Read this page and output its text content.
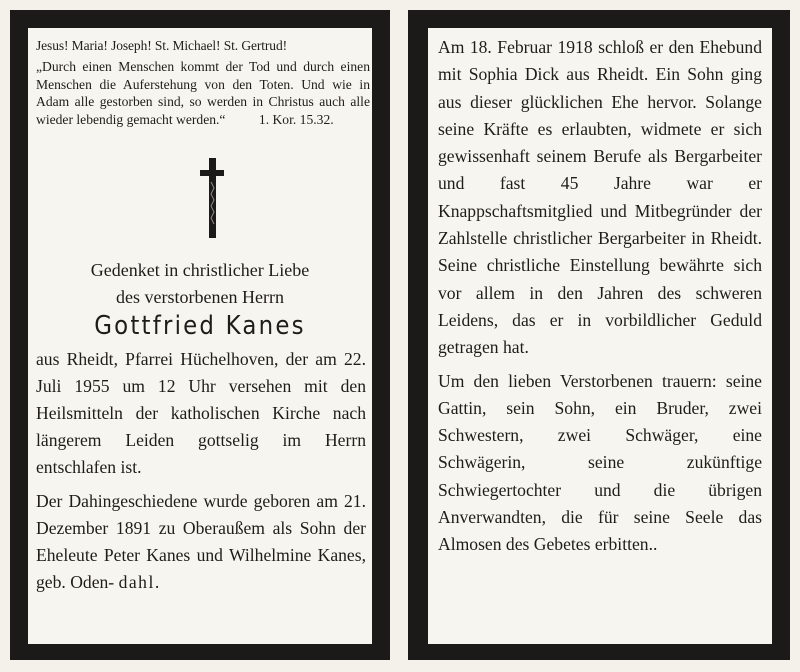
Jesus! Maria! Joseph! St. Michael! St. Gertrud!
„Durch einen Menschen kommt der Tod und durch einen Menschen die Auferstehung von den Toten. Und wie in Adam alle gestorben sind, so werden in Christus auch alle wieder lebendig gemacht werden.“ 1. Kor. 15.32.
Gedenket in christlicher Liebe
des verstorbenen Herrn
Gottfried Kanes

aus Rheidt, Pfarrei Hüchelhoven, der am 22. Juli 1955 um 12 Uhr versehen mit den Heilsmitteln der katholischen Kirche nach längerem Leiden gottselig im Herrn entschlafen ist.

Der Dahingeschiedene wurde geboren am 21. Dezember 1891 zu Oberaußem als Sohn der Eheleute Peter Kanes und Wilhelmine Kanes, geb. Oden- dahl.

Am 18. Februar 1918 schloß er den Ehebund mit Sophia Dick aus Rheidt. Ein Sohn ging aus dieser glücklichen Ehe hervor. Solange seine Kräfte es erlaubten, widmete er sich gewissenhaft seinem Berufe als Bergarbeiter und fast 45 Jahre war er Knappschaftsmitglied und Mitbegründer der Zahlstelle christlicher Bergarbeiter in Rheidt. Seine christliche Einstellung bewährte sich vor allem in den Jahren des schweren Leidens, das er in vorbildlicher Geduld getragen hat.

Um den lieben Verstorbenen trauern: seine Gattin, sein Sohn, ein Bruder, zwei Schwestern, zwei Schwäger, eine Schwägerin, seine zukünftige Schwiegertochter und die übrigen Anverwandten, die für seine Seele das Almosen des Gebetes erbitten..
